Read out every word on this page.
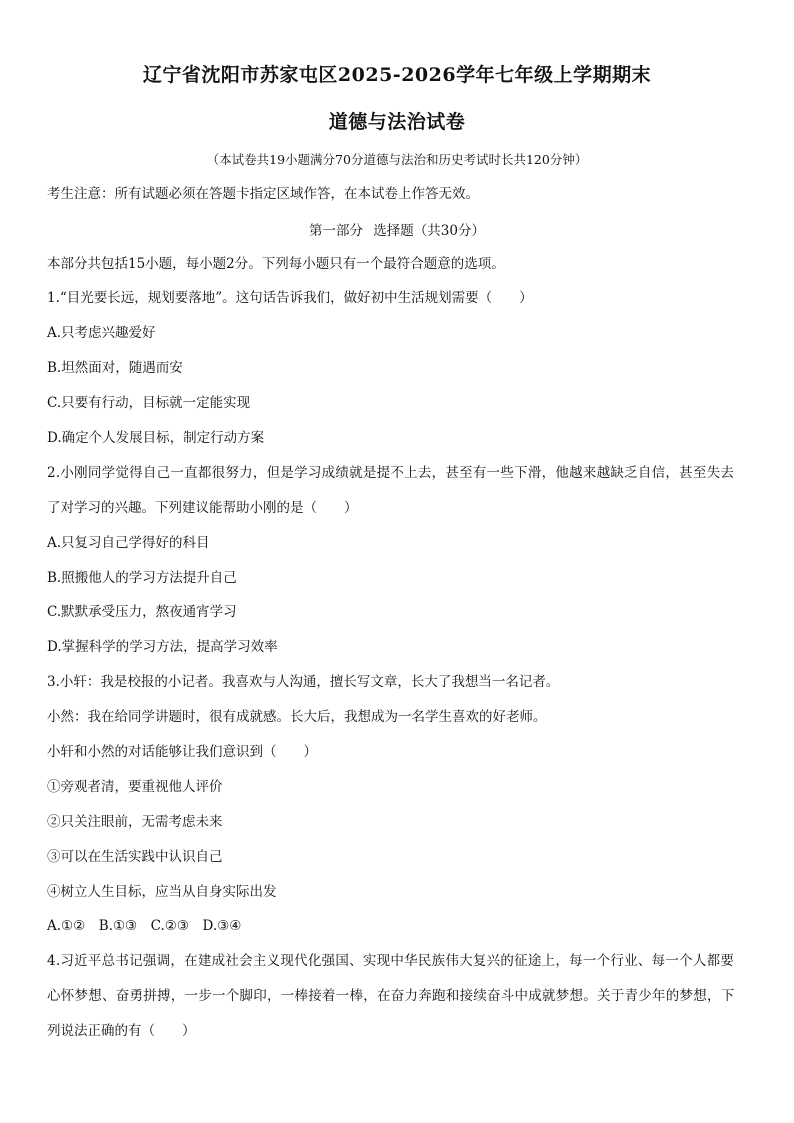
辽宁省沈阳市苏家屯区2025-2026学年七年级上学期期末
道德与法治试卷
（本试卷共19小题满分70分道德与法治和历史考试时长共120分钟）
考生注意：所有试题必须在答题卡指定区域作答，在本试卷上作答无效。
第一部分 选择题（共30分）
本部分共包括15小题，每小题2分。下列每小题只有一个最符合题意的选项。
1.“目光要长远，规划要落地”。这句话告诉我们，做好初中生活规划需要（　　）
A.只考虑兴趣爱好
B.坦然面对，随遇而安
C.只要有行动，目标就一定能实现
D.确定个人发展目标，制定行动方案
2.小刚同学觉得自己一直都很努力，但是学习成绩就是提不上去，甚至有一些下滑，他越来越缺乏自信，甚至失去
了对学习的兴趣。下列建议能帮助小刚的是（　　）
A.只复习自己学得好的科目
B.照搬他人的学习方法提升自己
C.默默承受压力，熬夜通宵学习
D.掌握科学的学习方法，提高学习效率
3.小轩：我是校报的小记者。我喜欢与人沟通，擅长写文章，长大了我想当一名记者。
小然：我在给同学讲题时，很有成就感。长大后，我想成为一名学生喜欢的好老师。
小轩和小然的对话能够让我们意识到（　　）
①旁观者清，要重视他人评价
②只关注眼前，无需考虑未来
③可以在生活实践中认识自己
④树立人生目标，应当从自身实际出发
A.①②　B.①③　C.②③　D.③④
4.习近平总书记强调，在建成社会主义现代化强国、实现中华民族伟大复兴的征途上，每一个行业、每一个人都要
心怀梦想、奋勇拼搏，一步一个脚印，一棒接着一棒，在奋力奔跑和接续奋斗中成就梦想。关于青少年的梦想，下
列说法正确的有（　　）
